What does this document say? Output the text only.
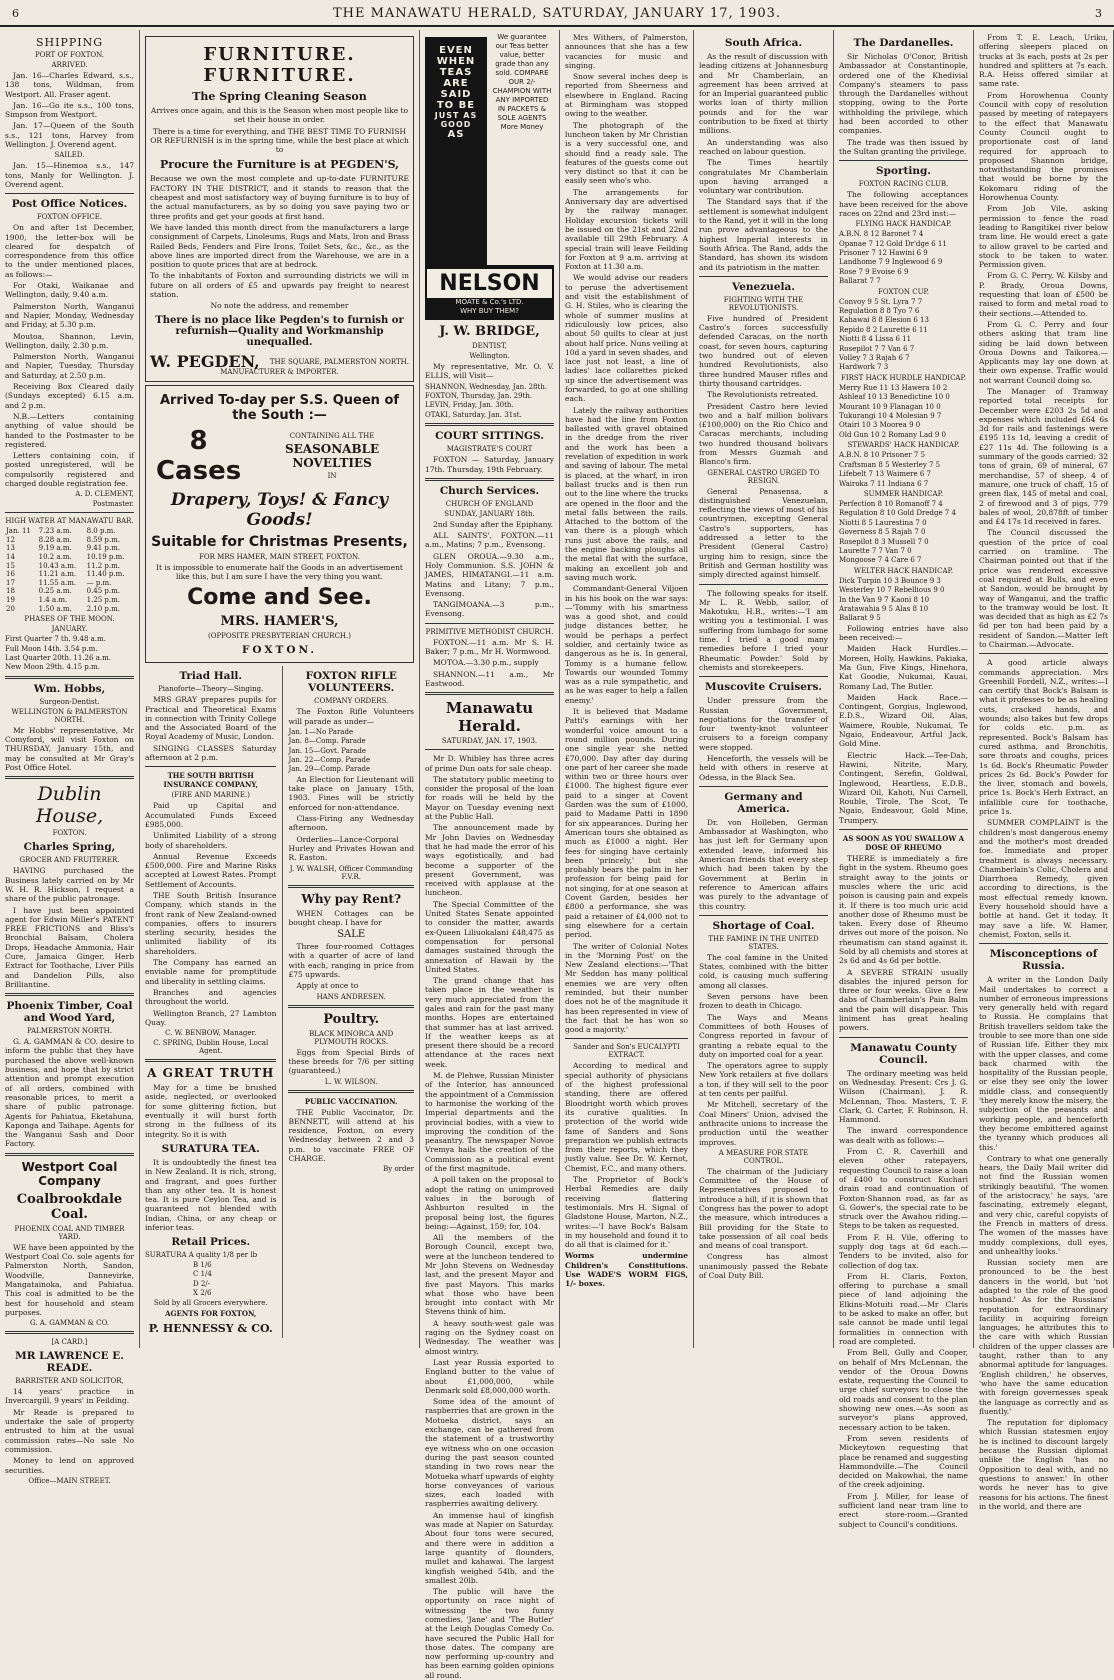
6	THE MANAWATU HERALD, SATURDAY, JANUARY 17, 1903.	3
SHIPPING
PORT OF FOXTON.
ARRIVED.

Jan. 16—Charles Edward, s.s., 138 tons, Wildman, from Westport. All. Fraser agent.

Jan. 16—Go ite s.s., 100 tons, Simpson from Westport.

Jan. 17—Queen of the South s.s., 121 tons, Harvey from Wellington. J. Overend agent.

SAILED.

Jan. 15—Hinemoa s.s., 147 tons, Manly for Wellington. J. Overend agent.

Post Office Notices.
FOXTON OFFICE.

On and after 1st December, 1900, the letter-box will be cleared for despatch of correspondence from this office to the under mentioned places, as follows:—

For Otaki, Waikanae and Wellington, daily, 9.40 a.m.

Palmerston North, Wanganui and Napier, Monday, Wednesday and Friday, at 5.30 p.m.

Moutoa, Shannon, Levin, Wellington, daily, 2.30 p.m.

Palmerston North, Wanganui and Napier, Tuesday, Thursday and Saturday, at 2.50 p.m.

Receiving Box Cleared daily (Sundays excepted) 6.15 a.m. and 2 p.m.

N.B.—Letters containing anything of value should be handed to the Postmaster to be registered.

Letters containing coin, if posted unregistered, will be compulsorily registered and charged double registration fee.

A. D. CLEMENT,
Postmaster.
HIGH WATER AT MANAWATU BAR.
Jan. 11	7.23 a.m.	8.0 p.m.
12	8.28 a.m.	8.59 p.m.
13	9.19 a.m.	9.41 p.m.
14	10.2 a.m.	10.19 p.m.
15	10.43 a.m.	11.2 p.m.
16	11.21 a.m.	11.40 p.m.
17	11.55 a.m.	— p.m.
18	0.25 a.m.	0.45 p.m.
19	1.4 a.m.	1.25 p.m.
20	1.50 a.m.	2.10 p.m.
PHASES OF THE MOON.
JANUARY.
First Quarter 7 th. 9.48 a.m.
Full Moon 14th. 3.54 p.m.
Last Quarter 20th. 11.26 a.m.
New Moon 29th. 4.15 p.m.
Wm. Hobbs,
Surgeon-Dentist.
WELLINGTON & PALMERSTON NORTH.

Mr Hobbs' representative, Mr Comyford, will visit Foxton on THURSDAY, January 15th, and may be consulted at Mr Gray's Post Office Hotel.

Dublin House,
FOXTON.
Charles Spring,
GROCER AND FRUITERER.

HAVING purchased the Business lately carried on by Mr W. H. R. Hickson, I request a share of the public patronage.

I have just been appointed agent for Edwin Miller's PATENT FREE FRICTIONS and Bliss's Bronchial Balsam, Cholera Drops, Headache Ammonia, Hair Cure, Jamaica Ginger, Herb Extract for Toothache, Liver Pills and Dandelion Pills, also Brilliantine.

Phoenix Timber, Coal and Wood Yard,
PALMERSTON NORTH.

G. A. GAMMAN & CO. desire to inform the public that they have purchased the above well-known business, and hope that by strict attention and prompt execution of all orders, combined with reasonable prices, to merit a share of public patronage. Agents for Pahiatua, Eketahuna, Kaponga and Taihape. Agents for the Wanganui Sash and Door Factory.

Westport Coal Company
Coalbrookdale Coal.
PHOENIX COAL AND TIMBER YARD.

WE have been appointed by the Westport Coal Co. sole agents for Palmerston North, Sandon, Woodville, Dannevirke, Mangatainoka, and Pahiatua. This coal is admitted to be the best for household and steam purposes.

G. A. GAMMAN & CO.
[A CARD.]
MR LAWRENCE E. READE.
BARRISTER AND SOLICITOR,

14 years' practice in Invercargill, 9 years' in Feilding.

Mr Reade is prepared to undertake the sale of property entrusted to him at the usual commission rates—No sale No commission.

Money to lend on approved securities.

Office—MAIN STREET.
FURNITURE. FURNITURE.
The Spring Cleaning Season

Arrives once again, and this is the Season when most people like to set their house in order.

There is a time for everything, and THE BEST TIME TO FURNISH OR REFURNISH is in the spring time, while the best place at which to

Procure the Furniture is at PEGDEN'S,

Because we own the most complete and up-to-date FURNITURE FACTORY IN THE DISTRICT, and it stands to reason that the cheapest and most satisfactory way of buying furniture is to buy of the actual manufacturers, as by so doing you save paying two or three profits and get your goods at first hand.

We have landed this month direct from the manufacturers a large consignment of Carpets, Linoleums, Rugs and Mats, Iron and Brass Railed Beds, Fenders and Fire Irons, Toilet Sets, &c., &c., as the above lines are imported direct from the Warehouse, we are in a position to quote prices that are at bedrock.

To the inhabitants of Foxton and surrounding districts we will in future on all orders of £5 and upwards pay freight to nearest station.

No note the address, and remember

There is no place like Pegden's to furnish or refurnish—Quality and Workmanship unequalled.
W. PEGDEN,	THE SQUARE, PALMERSTON NORTH.
MANUFACTURER & IMPORTER.
Arrived To-day per S.S. Queen of the South :—
8 Cases
CONTAINING ALL THE
SEASONABLE NOVELTIES
IN
Drapery, Toys! & Fancy Goods!
Suitable for Christmas Presents,
FOR MRS HAMER, MAIN STREET, FOXTON.

It is impossible to enumerate half the Goods in an advertisement like this, but I am sure I have the very thing you want.

Come and See.
MRS. HAMER'S,
(OPPOSITE PRESBYTERIAN CHURCH.)
FOXTON.
Triad Hall.
Pianoforte—Theory—Singing.

MRS GRAY prepares pupils for Practical and Theoretical Exams in connection with Trinity College and the Associated Board of the Royal Academy of Music, London.

SINGING CLASSES Saturday afternoon at 2 p.m.

THE SOUTH BRITISH INSURANCE COMPANY,
(FIRE AND MARINE.)

Paid up Capital and Accumulated Funds Exceed £985,000.

Unlimited Liability of a strong body of shareholders.

Annual Revenue Exceeds £500,000. Fire and Marine Risks accepted at Lowest Rates. Prompt Settlement of Accounts.

THE South British Insurance Company, which stands in the front rank of New Zealand-owned companies, offers to insurers sterling security, besides the unlimited liability of its shareholders.

The Company has earned an enviable name for promptitude and liberality in settling claims.

Branches and agencies throughout the world.

Wellington Branch, 27 Lambton Quay.

C. W. BENBOW, Manager.
C. SPRING, Dublin House, Local Agent.
A GREAT TRUTH

May for a time be brushed aside, neglected, or overlooked for some glittering fiction, but eventually it will burst forth strong in the fullness of its integrity. So it is with

SURATURA TEA.

It is undoubtedly the finest tea in New Zealand. It is rich, strong, and fragrant, and goes further than any other tea. It is honest tea. It is pure Ceylon Tea, and is guaranteed not blended with Indian, China, or any cheap or inferior teas.

Retail Prices.
SURATURA A quality 1/8 per lb
B 1/6
C 1/4
D 2/-
X 2/6
Sold by all Grocers everywhere.
AGENTS FOR FOXTON,
P. HENNESSY & CO.
FOXTON RIFLE VOLUNTEERS.
COMPANY ORDERS.

The Foxton Rifle Volunteers will parade as under—

Jan. 1—No Parade
Jan. 8—Comp. Parade
Jan. 15—Govt. Parade
Jan. 22—Comp. Parade
Jan. 29—Comp. Parade

An Election for Lieutenant will take place on January 15th, 1903. Fines will be strictly enforced for non-attendance.

Class-Firing any Wednesday afternoon.

Orderlies—Lance-Corporal Hurley and Privates Howan and R. Easton.

J. W. WALSH, Officer Commanding F.V.R.
Why pay Rent?

WHEN Cottages can be bought cheap. I have for

SALE

Three four-roomed Cottages with a quarter of acre of land with each, ranging in price from £75 upwards.

Apply at once to

HANS ANDRESEN.
Poultry.
BLACK MINORCA AND PLYMOUTH ROCKS.

Eggs from Special Birds of these breeds for 7/6 per sitting (guaranteed.)

L. W. WILSON.
PUBLIC VACCINATION.

THE Public Vaccinator, Dr. BENNETT, will attend at his residence, Foxton, on every Wednesday between 2 and 3 p.m. to vaccinate FREE OF CHARGE.

By order
EVEN
WHEN
TEAS
ARE SAID
TO BE
JUST AS GOOD
AS
We guarantee our Teas better value, better grade than any sold. COMPARE OUR 2/- CHAMPION WITH ANY IMPORTED IN PACKETS & SOLE AGENTS More Money
NELSON
MOATE & Co.'s LTD.
WHY BUY THEM?
J. W. BRIDGE,
DENTIST,
Wellington.

My representative, Mr. O. V. ELLIS, will Visit—

SHANNON, Wednesday, Jan. 28th.
FOXTON, Thursday, Jan. 29th.
LEVIN, Friday, Jan. 30th.
OTAKI, Saturday, Jan. 31st.
COURT SITTINGS.
MAGISTRATE'S COURT

FOXTON — Saturday, January 17th. Thursday, 19th February.

Church Services.
CHURCH OF ENGLAND
SUNDAY, JANUARY 18th.

2nd Sunday after the Epiphany.

ALL SAINTS', FOXTON.—11 a.m., Matins; 7 p.m., Evensong.

GLEN OROUA.—9.30 a.m., Holy Communion. S.S. JOHN & JAMES, HIMATANGI.—11 a.m. Matins and Litany; 7 p.m., Evensong.

TANGIMOANA.—3 p.m., Evensong.

PRIMITIVE METHODIST CHURCH.

FOXTON.—11 a.m. Mr S. H. Baker; 7 p.m., Mr H. Wormwood.

MOTOA.—3.30 p.m., supply

SHANNON.—11 a.m., Mr Eastwood.

Manawatu Herald.
SATURDAY, JAN. 17, 1903.

Mr D. Whibley has three acres of prime Dun oats for sale cheap.

The statutory public meeting to consider the proposal of the loan for roads will be held by the Mayor on Tuesday evening next at the Public Hall.

The announcement made by Mr John Davies on Wednesday that he had made the error of his ways egotistically, and had become a supporter of the present Government, was received with applause at the luncheon.

The Special Committee of the United States Senate appointed to consider the matter, awards ex-Queen Liliuokalani £48,475 as compensation for personal damages sustained through the annexation of Hawaii by the United States.

The grand change that has taken place in the weather is very much appreciated from the gales and rain for the past many months. Hopes are entertained that summer has at last arrived. If the weather keeps as at present there should be a record attendance at the races next week.

M. de Plehwe, Russian Minister of the Interior, has announced the appointment of a Commission to harmonise the working of the Imperial departments and the provincial bodies, with a view to improving the condition of the peasantry. The newspaper Novoe Vremya hails the creation of the Commission as a political event of the first magnitude.

A poll taken on the proposal to adopt the rating on unimproved values in the borough of Ashburton resulted in the proposal being lost, the figures being:—Against, 159; for, 104.

All the members of the Borough Council, except two, were at the luncheon tendered to Mr John Stevens on Wednesday last, and the present Mayor and five past Mayors. This marks what those who have been brought into contact with Mr Stevens think of him.

A heavy south-west gale was raging on the Sydney coast on Wednesday. The weather was almost wintry.

Last year Russia exported to England butter to the value of about £1,000,000, while Denmark sold £8,000,000 worth.

Some idea of the amount of raspberries that are grown in the Motueka district, says an exchange, can be gathered from the statement of a trustworthy eye witness who on one occasion during the past season counted standing in two rows near the Motueka wharf upwards of eighty horse conveyances of various sizes, each loaded with raspberries awaiting delivery.

An immense haul of kingfish was made at Napier on Saturday. About four tons were secured, and there were in addition a large quantity of flounders, mullet and kahawai. The largest kingfish weighed 54lb, and the smallest 20lb.

The public will have the opportunity on race night of witnessing the two funny comedies, 'Jane' and 'The Butler' at the Leigh Douglas Comedy Co. have secured the Public Hall for those dates. The company are now performing up-country and has been earning golden opinions all round.

Mrs Withers, of Palmerston, announces that she has a few vacancies for music and singing.

Snow several inches deep is reported from Sheerness and elsewhere in England. Racing at Birmingham was stopped owing to the weather.

The photograph of the luncheon taken by Mr Christian is a very successful one, and should find a ready sale. The features of the guests come out very distinct so that it can be easily seen who's who.

The arrangements for Anniversary day are advertised by the railway manager. Holiday excursion tickets will be issued on the 21st and 22nd available till 29th February. A special train will leave Feilding for Foxton at 9 a.m. arriving at Foxton at 11.30 a.m.

We would advise our readers to peruse the advertisement and visit the establishment of G. H. Stiles, who is clearing the whole of summer muslins at ridiculously low prices, also about 50 quilts to clear at just about half price. Nuns veiling at 10d a yard in seven shades, and lace just not least, a line of ladies' lace collarettes picked up since the advertisement was forwarded, to go at one shilling each.

Lately the railway authorities have had the line from Foxton ballasted with gravel obtained in the dredge from the river and the work has been a revelation of expedition in work and saving of labour. The metal is placed, at the wharf, in iron ballast trucks and is then run out to the line where the trucks are opened in the floor and the metal falls between the rails. Attached to the bottom of the van there is a plough which runs just above the rails, and the engine backing ploughs all the metal flat with the surface, making an excellent job and saving much work.

Commandant-General Viljoen in his his book on the war says:—'Tommy with his smartness was a good shot, and could judge distances better, he would be perhaps a perfect soldier, and certainly twice as dangerous as he is. In general, Tommy is a humane fellow. Towards our wounded Tommy was as a rule sympathetic, and as he was eager to help a fallen enemy.'

It is believed that Madame Patti's earnings with her wonderful voice amount to a round million pounds. During one single year she netted £70,000. Day after day during one part of her career she made within two or three hours over £1000. The highest figure ever paid to a singer at Covent Garden was the sum of £1000, paid to Madame Patti in 1890 for six appearances. During her American tours she obtained as much as £1000 a night. Her fees for singing have certainly been 'princely,' but she probably bears the palm in her profession for being paid for not singing, for at one season at Covent Garden, besides her £800 a performance, she was paid a retainer of £4,000 not to sing elsewhere for a certain period.

The writer of Colonial Notes in the 'Morning Post' on the New Zealand elections:—'That Mr Seddon has many political enemies we are very often reminded, but their number does not be of the magnitude it has been represented in view of the fact that he has won so good a majority.'

Sander and Son's EUCALYPTI EXTRACT.

According to medical and special authority of physicians of the highest professional standing, there are offered Bloodright worth which proves its curative qualities. In protection of the world wide fame of Sanders and Sons preparation we publish extracts from their reports, which they justly value. See Dr. W. Kernot, Chemist, F.C., and many others.

The Proprietor of Bock's Herbal Remedies are daily receiving flattering testimonials. Mrs H. Signal of Gladstone House, Marton, N.Z., writes:—'I have Bock's Balsam in my household and found it to do all that is claimed for it.'

Worms undermine Children's Constitutions. Use WADE'S WORM FIGS, 1/- boxes.

South Africa.

As the result of discussion with leading citizens at Johannesburg and Mr Chamberlain, an agreement has been arrived at for an Imperial guaranteed public works loan of thirty million pounds and for the war contribution to be fixed at thirty millions.

An understanding was also reached on labour question.

The Times heartily congratulates Mr Chamberlain upon having arranged a voluntary war contribution.

The Standard says that if the settlement is somewhat indulgent to the Rand, yet it will in the long run prove advantageous to the highest Imperial interests in South Africa. The Rand, adds the Standard, has shown its wisdom and its patriotism in the matter.

Venezuela.
FIGHTING WITH THE REVOLUTIONISTS.

Five hundred of President Castro's forces successfully defended Caracas, on the north coast, for seven hours, capturing two hundred out of eleven hundred Revolutionists, also three hundred Mauser rifles and thirty thousand cartridges.

The Revolutionists retreated.

President Castro here levied two and a half million bolivars (£100,000) on the Rio Chico and Caracas merchants, including two hundred thousand bolivars from Messrs Guzmah and Blanco's firm.

GENERAL CASTRO URGED TO RESIGN.

General Penasensa, a distinguished Venezuelan, reflecting the views of most of his countrymen, excepting General Castro's supporters, has addressed a letter to the President (General Castro) urging him to resign, since the British and German hostility was simply directed against himself.

The following speaks for itself. Mr L. R. Webb, sailor, of Makotuku, H.B., writes:—'I am writing you a testimonial. I was suffering from lumbago for some time. I tried a good many remedies before I tried your Rheumatic Powder.' Sold by chemists and storekeepers.

Muscovite Cruisers.

Under pressure from the Russian Government, negotiations for the transfer of four twenty-knot volunteer cruisers to a foreign company were stopped.

Henceforth, the vessels will be held with others in reserve at Odessa, in the Black Sea.

Germany and America.

Dr. von Holleben, German Ambassador at Washington, who has just left for Germany upon extended leave, informed his American friends that every step which had been taken by the Government at Berlin in reference to American affairs was purely to the advantage of this country.

Shortage of Coal.
THE FAMINE IN THE UNITED STATES.

The coal famine in the United States, combined with the bitter cold, is causing much suffering among all classes.

Seven persons have been frozen to death in Chicago.

The Ways and Means Committees of both Houses of Congress reported in favour of granting a rebate equal to the duty on imported coal for a year.

The operators agree to supply New York retailers at five dollars a ton, if they will sell to the poor at ten cents per pailful.

Mr Mitchell, secretary of the Coal Miners' Union, advised the anthracite unions to increase the production until the weather improves.

A MEASURE FOR STATE CONTROL.

The chairman of the Judiciary Committee of the House of Representatives proposed to introduce a bill, if it is shown that Congress has the power to adopt the measure, which introduces a Bill providing for the State to take possession of all coal beds and means of coal transport.

Congress has almost unanimously passed the Rebate of Coal Duty Bill.

The Dardanelles.

Sir Nicholas O'Conor, British Ambassador at Constantinople, ordered one of the Khedivial Company's steamers to pass through the Dardanelles without stopping, owing to the Porte withholding the privilege, which had been accorded to other companies.

The trade was then issued by the Sultan granting the privilege.

Sporting.
FOXTON RACING CLUB.

The following acceptances have been received for the above races on 22nd and 23rd inst:—

FLYING HACK HANDICAP.
A.B.N. 8 12 Baronet 7 4
Opanae 7 12 Gold Dr'dge 6 11
Prisoner 7 12 Hawini 6 9
Landhome 7 9 Inglewood 6 9
Rose 7 9 Evoise 6 9
Ballarat 7 7
FOXTON CUP.
Convoy 9 5 St. Lyra 7 7
Regulation 8 8 Tyo 7 6
Kahawai 8 8 Elesion 6 13
Repido 8 2 Laurette 6 11
Niotti 8 4 Lissa 6 11
Rosepilot 7 7 Van 6 7
Volley 7 3 Rajah 6 7
Hardwork 7 3
FIRST HACK HURDLE HANDICAP.
Merry Rue 11 13 Hawera 10 2
Ashleaf 10 13 Benedictine 10 0
Mourant 10 9 Flanagan 10 0
Tukurangi 10 4 Molesian 9 7
Otairi 10 3 Moorea 9 0
Old Gun 10 2 Romany Lad 9 0
STEWARDS' HACK HANDICAP.
A.B.N. 8 10 Prisoner 7 5
Craftsman 8 5 Westerley 7 5
Lifebelt 7 13 Waimere 6 7
Wairoka 7 11 Indiana 6 7
SUMMER HANDICAP.
Perfection 8 10 Romanoff 7 4
Regulation 8 10 Gold Dredge 7 4
Niotti 8 5 Laurestina 7 0
Governess 8 5 Rajah 7 0
Rosepilot 8 3 Mussell 7 0
Laurette 7 7 Van 7 0
Mongoose 7 4 Care 6 7
WELTER HACK HANDICAP.
Dick Turpin 10 3 Bounce 9 3
Westerley 10 7 Rebellious 9 0
In the Van 9 7 Kaoni 8 10
Aratawahia 9 5 Alas 8 10
Ballarat 9 5

Following entries have also been received:—

Maiden Hack Hurdles.—Moreen, Holly, Hawkins, Pakiaka, Ma Gun, Five Kings, Hinehora, Kat Goodie, Nukumai, Kauai, Romany Lad, The Butler.

Maiden Hack Race.—Contingent, Gorgius, Inglewood, E.D.S., Wizard Oil, Alas, Waimere, Rouble, Nukumai, Te Ngaio, Endeavour, Artful Jack, Gold Mine.

Electric Hack.—Tee-Dah, Hawini, Nitrite, Mary, Contingent, Serefin, Goldwal, Inglewood, Heartless, E.D.B., Wizard Oil, Kahoti, Nui Carnell, Rouble, Tirole, The Scot, Te Ngaio, Endeavour, Gold Mine, Trumpery.

AS SOON AS YOU SWALLOW A DOSE OF RHEUMO

THERE is immediately a fire fight in the system. Rheumo goes straight away to the joints or muscles where the uric acid poison is causing pain and expels it. If there is too much uric acid another dose of Rheumo must be taken. Every dose of Rheumo drives out more of the poison. No rheumatism can stand against it. Sold by all chemists and stores at 2s 6d and 4s 6d per bottle.

A SEVERE STRAIN usually disables the injured person for three or four weeks. Give a few dabs of Chamberlain's Pain Balm and the pain will disappear. This liniment has great healing powers.

Manawatu County Council.

The ordinary meeting was held on Wednesday. Present: Crs J. G. Wilson (Chairman), J. R. McLennan, Thos. Masters, T. F. Clark, G. Carter, F. Robinson, H. Hammond.

The inward correspondence was dealt with as follows:—

From C. R. Caverhill and eleven other ratepayers, requesting Council to raise a loan of £400 to construct Kuchari drain road and continuation of Foxton-Shannon road, as far as G. Gower's, the special rate to be struck over the Awahou riding.—Steps to be taken as requested.

From F. H. Vile, offering to supply dog tags at 6d each.—Tenders to be invited, also for collection of dog tax.

From H. Claris, Foxton, offering to purchase a small piece of land adjoining the Elkins-Motuiti road.—Mr Claris to be asked to make an offer, but sale cannot be made until legal formalities in connection with road are completed.

From Bell, Gully and Cooper, on behalf of Mrs McLennan, the vendor of the Oroua Downs estate, requesting the Council to urge chief surveyors to close the old roads and consent to the plan showing new ones.—As soon as surveyor's plans approved, necessary action to be taken.

From seven residents of Mickeytown requesting that place be renamed and suggesting Hammondville.—The Council decided on Makowhai, the name of the creek adjoining.

From J. Miller, for lease of sufficient land near tram line to erect store-room.—Granted subject to Council's conditions.

From T. E. Leach, Uriku, offering sleepers placed on trucks at 3s each, posts at 2s per hundred and splitters at 7s each. R.A. Heiss offered similar at same rate.

From Horowhenua County Council with copy of resolution passed by meeting of ratepayers to the effect that Manawatu County Council ought to proportionate cost of land required for approach to proposed Shannon bridge, notwithstanding the promises that would be borne by the Kokomaru riding of the Horowhenua County.

From Job Vile, asking permission to fence the road leading to Rangitikei river below tram line. He would erect a gate to allow gravel to be carted and stock to be taken to water. Permission given.

From G. C. Perry, W. Kilsby and P. Brady, Oroua Downs, requesting that loan of £500 be raised to form and metal road to their sections.—Attended to.

From G. C. Perry and four others asking that tram line siding be laid down between Oroua Downs and Taikorea.—Applicants may lay one down at their own expense. Traffic would not warrant Council doing so.

The Manager of Tramway reported total receipts for December were £203 2s 5d and expenses which included £64 6s 3d for rails and fastenings were £195 11s 1d, leaving a credit of £27 11s 4d. The following is a summary of the goods carried: 32 tons of grain, 69 of mineral, 67 merchandise, 57 of sheep, 4 of manure, one truck of chaff, 15 of green flax, 145 of metal and coal, 2 of firewood and 3 of pigs, 779 bales of wool, 20,878ft of timber and £4 17s 1d received in fares.

The Council discussed the question of the price of coal carried on tramline. The Chairman pointed out that if the price was rendered excessive coal required at Bulls, and even at Sandon, would be brought by way of Wanganui, and the traffic to the tramway would be lost. It was decided that as high as £2 7s 6d per ton had been paid by a resident of Sandon.—Matter left to Chairman.—Advocate.

A good article always commands appreciation. Mrs Greenhill Fordell, N.Z., writes:—I can certify that Bock's Balsam is what it professes to be as healing cuts, cracked hands, and wounds; also takes but few drops for colds etc. p.m. as represented. Bock's Balsam has cured asthma, and Bronchitis, sore throats and coughs, prices 1s 6d. Bock's Rheumatic Powder prices 2s 6d. Bock's Powder for the liver, stomach and bowels, price 1s. Bock's Herb Extract, an infallible cure for toothache, price 1s.

SUMMER COMPLAINT is the children's most dangerous enemy and the mother's most dreaded foe. Immediate and proper treatment is always necessary. Chamberlain's Colic, Cholera and Diarrhoea Remedy, given according to directions, is the most effectual remedy known. Every household should have a bottle at hand. Get it today. It may save a life. W. Hamer, chemist, Foxton, sells it.

Misconceptions of Russia.

A writer in the London Daily Mail undertakes to correct a number of erroneous impressions very generally held with regard to Russia. He complains that British travellers seldom take the trouble to see more than one side of Russian life. Either they mix with the upper classes, and come back charmed with the hospitality of the Russian people, or else they see only the lower middle class, and consequently 'they merely know the misery, the subjection of the peasants and working people, and henceforth they become embittered against the tyranny which produces all this.'

Contrary to what one generally hears, the Daily Mail writer did not find the Russian women strikingly beautiful. 'The women of the aristocracy,' he says, 'are fascinating, extremely elegant, and very chic, careful copyists of the French in matters of dress. The women of the masses have muddy complexions, dull eyes, and unhealthy looks.'

Russian society men are pronounced to be the best dancers in the world, but 'not adapted to the role of the good husband.' As for the Russians' reputation for extraordinary facility in acquiring foreign languages, he attributes this to the care with which Russian children of the upper classes are taught, rather than to any abnormal aptitude for languages. 'English children,' he observes, 'who have the same education with foreign governesses speak the language as correctly and as fluently.'

The reputation for diplomacy which Russian statesmen enjoy he is inclined to discount largely because the Russian diplomat unlike the English 'has no Opposition to deal with, and no questions to answer.' In other words he never has to give reasons for his actions. The finest in the world, and there are
